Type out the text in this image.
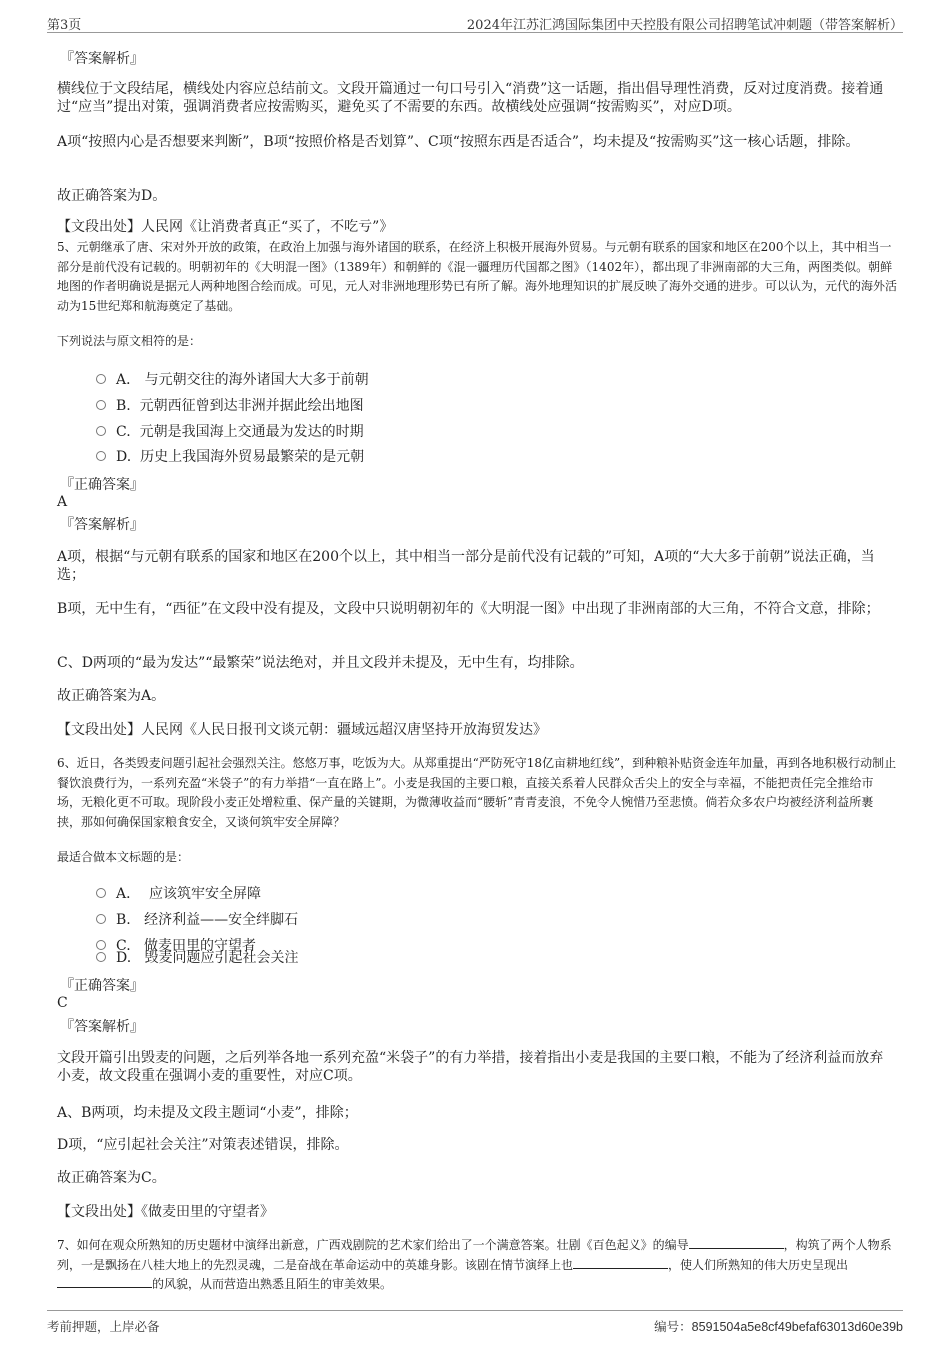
第3页	2024年江苏汇鸿国际集团中天控股有限公司招聘笔试冲刺题（带答案解析）
『答案解析』
横线位于文段结尾，横线处内容应总结前文。文段开篇通过一句口号引入“消费”这一话题，指出倡导理性消费，反对过度消费。接着通过“应当”提出对策，强调消费者应按需购买，避免买了不需要的东西。故横线处应强调“按需购买”，对应D项。
A项“按照内心是否想要来判断”，B项“按照价格是否划算”、C项“按照东西是否适合”，均未提及“按需购买”这一核心话题，排除。
故正确答案为D。
【文段出处】人民网《让消费者真正“买了，不吃亏”》
5、元朝继承了唐、宋对外开放的政策，在政治上加强与海外诸国的联系，在经济上积极开展海外贸易。与元朝有联系的国家和地区在200个以上，其中相当一部分是前代没有记载的。明朝初年的《大明混一图》（1389年）和朝鲜的《混一疆理历代国都之图》（1402年），都出现了非洲南部的大三角，两图类似。朝鲜地图的作者明确说是据元人两种地图合绘而成。可见，元人对非洲地理形势已有所了解。海外地理知识的扩展反映了海外交通的进步。可以认为，元代的海外活动为15世纪郑和航海奠定了基础。
下列说法与原文相符的是：
A． 与元朝交往的海外诸国大大多于前朝
B. 元朝西征曾到达非洲并据此绘出地图
C. 元朝是我国海上交通最为发达的时期
D. 历史上我国海外贸易最繁荣的是元朝
『正确答案』
A
『答案解析』
A项，根据“与元朝有联系的国家和地区在200个以上，其中相当一部分是前代没有记载的”可知，A项的“大大多于前朝”说法正确，当选；
B项，无中生有，“西征”在文段中没有提及，文段中只说明朝初年的《大明混一图》中出现了非洲南部的大三角，不符合文意，排除；
C、D两项的“最为发达”“最繁荣”说法绝对，并且文段并未提及，无中生有，均排除。
故正确答案为A。
【文段出处】人民网《人民日报刊文谈元朝：疆域远超汉唐坚持开放海贸发达》
6、近日，各类毁麦问题引起社会强烈关注。悠悠万事，吃饭为大。从郑重提出“严防死守18亿亩耕地红线”，到种粮补贴资金连年加量，再到各地积极行动制止餐饮浪费行为，一系列充盈“米袋子”的有力举措“一直在路上”。小麦是我国的主要口粮，直接关系着人民群众舌尖上的安全与幸福，不能把责任完全推给市场，无粮化更不可取。现阶段小麦正处增粒重、保产量的关键期，为微薄收益而“腰斩”青青麦浪，不免令人惋惜乃至悲愤。倘若众多农户均被经济利益所裹挟，那如何确保国家粮食安全，又谈何筑牢安全屏障？
最适合做本文标题的是：
A． 应该筑牢安全屏障
B. 经济利益——安全绊脚石
C. 做麦田里的守望者
D. 毁麦问题应引起社会关注
『正确答案』
C
『答案解析』
文段开篇引出毁麦的问题，之后列举各地一系列充盈“米袋子”的有力举措，接着指出小麦是我国的主要口粮，不能为了经济利益而放弃小麦，故文段重在强调小麦的重要性，对应C项。
A、B两项，均未提及文段主题词“小麦”，排除；
D项，“应引起社会关注”对策表述错误，排除。
故正确答案为C。
【文段出处】《做麦田里的守望者》
7、如何在观众所熟知的历史题材中演绎出新意，广西戏剧院的艺术家们给出了一个满意答案。壮剧《百色起义》的编导	，构筑了两个人物系列，一是飘扬在八桂大地上的先烈灵魂，二是奋战在革命运动中的英雄身影。该剧在情节演绎上也	，使人们所熟知的伟大历史呈现出的风貌，从而营造出熟悉且陌生的审美效果。
考前押题，上岸必备	编号：8591504a5e8cf49befaf63013d60e39b
